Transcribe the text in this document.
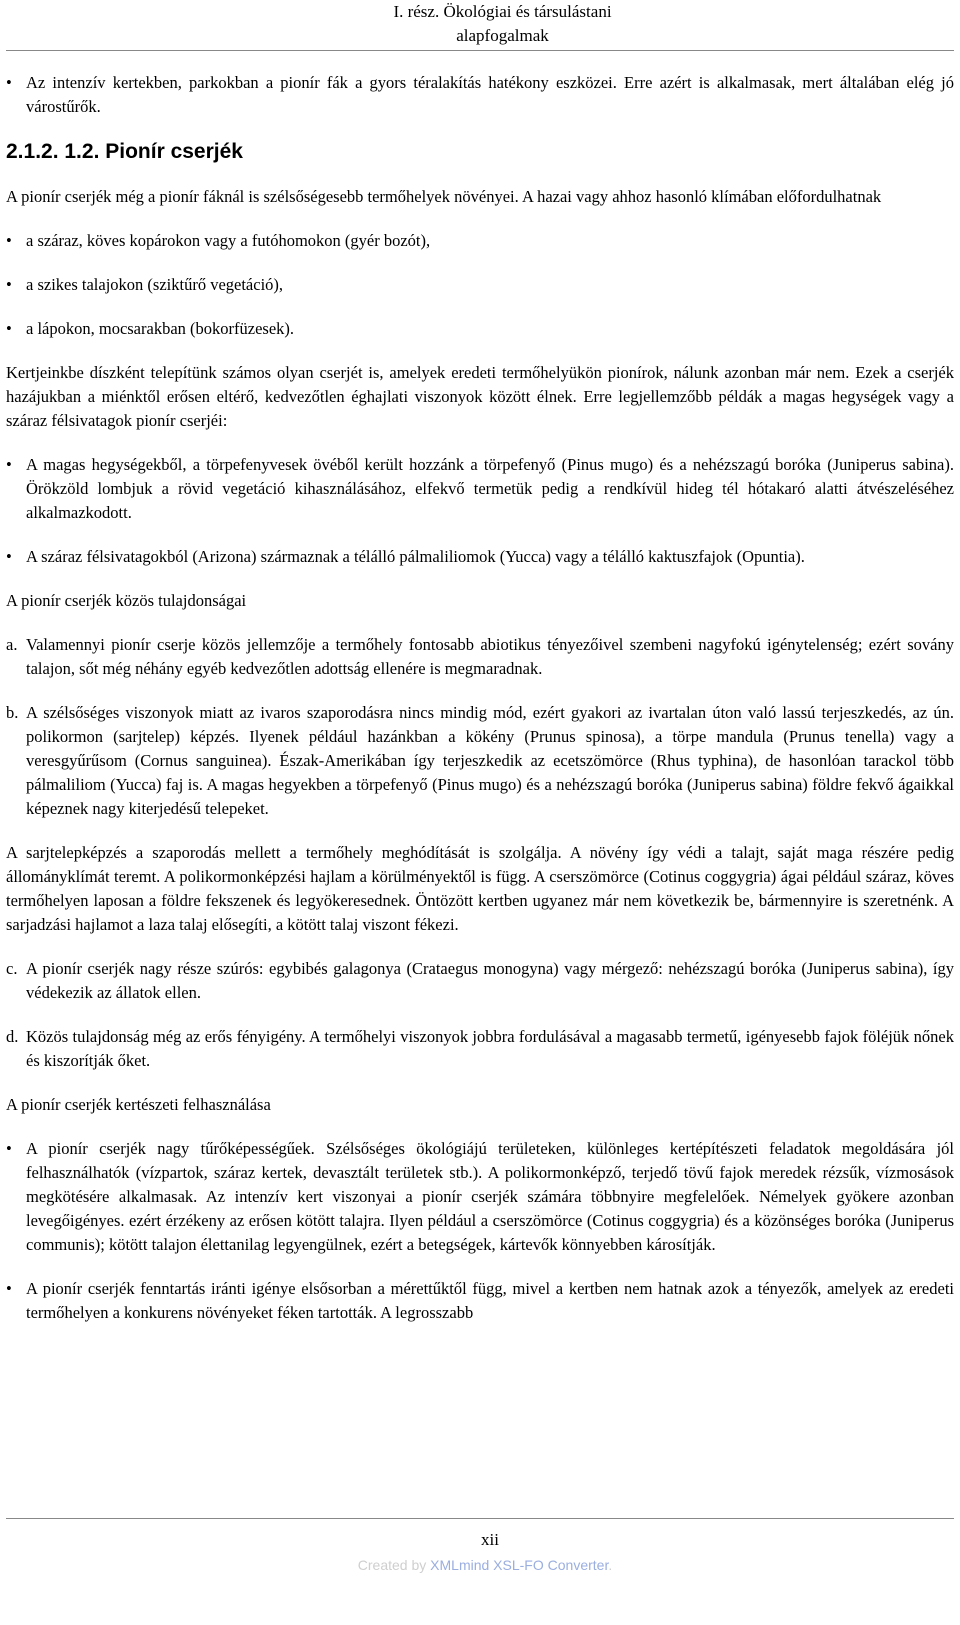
I. rész. Ökológiai és társulástani
alapfogalmak
• Az intenzív kertekben, parkokban a pionír fák a gyors téralakítás hatékony eszközei. Erre azért is alkalmasak, mert általában elég jó várostűrők.
2.1.2. 1.2. Pionír cserjék

A pionír cserjék még a pionír fáknál is szélsőségesebb termőhelyek növényei. A hazai vagy ahhoz hasonló klímában előfordulhatnak

• a száraz, köves kopárokon vagy a futóhomokon (gyér bozót),
• a szikes talajokon (sziktűrő vegetáció),
• a lápokon, mocsarakban (bokorfüzesek).

Kertjeinkbe díszként telepítünk számos olyan cserjét is, amelyek eredeti termőhelyükön pionírok, nálunk azonban már nem. Ezek a cserjék hazájukban a miénktől erősen eltérő, kedvezőtlen éghajlati viszonyok között élnek. Erre legjellemzőbb példák a magas hegységek vagy a száraz félsivatagok pionír cserjéi:

• A magas hegységekből, a törpefenyvesek övéből került hozzánk a törpefenyő (Pinus mugo) és a nehézszagú boróka (Juniperus sabina). Örökzöld lombjuk a rövid vegetáció kihasználásához, elfekvő termetük pedig a rendkívül hideg tél hótakaró alatti átvészeléséhez alkalmazkodott.
• A száraz félsivatagokból (Arizona) származnak a télálló pálmaliliomok (Yucca) vagy a télálló kaktuszfajok (Opuntia).
A pionír cserjék közös tulajdonságai
a. Valamennyi pionír cserje közös jellemzője a termőhely fontosabb abiotikus tényezőivel szembeni nagyfokú igénytelenség; ezért sovány talajon, sőt még néhány egyéb kedvezőtlen adottság ellenére is megmaradnak.
b. A szélsőséges viszonyok miatt az ivaros szaporodásra nincs mindig mód, ezért gyakori az ivartalan úton való lassú terjeszkedés, az ún. polikormon (sarjtelep) képzés. Ilyenek például hazánkban a kökény (Prunus spinosa), a törpe mandula (Prunus tenella) vagy a veresgyűrűsom (Cornus sanguinea). Észak-Amerikában így terjeszkedik az ecetszömörce (Rhus typhina), de hasonlóan tarackol több pálmaliliom (Yucca) faj is. A magas hegyekben a törpefenyő (Pinus mugo) és a nehézszagú boróka (Juniperus sabina) földre fekvő ágaikkal képeznek nagy kiterjedésű telepeket.

A sarjtelepképzés a szaporodás mellett a termőhely meghódítását is szolgálja. A növény így védi a talajt, saját maga részére pedig állományklímát teremt. A polikormonképzési hajlam a körülményektől is függ. A cserszömörce (Cotinus coggygria) ágai például száraz, köves termőhelyen laposan a földre fekszenek és legyökeresednek. Öntözött kertben ugyanez már nem következik be, bármennyire is szeretnénk. A sarjadzási hajlamot a laza talaj elősegíti, a kötött talaj viszont fékezi.

c. A pionír cserjék nagy része szúrós: egybibés galagonya (Crataegus monogyna) vagy mérgező: nehézszagú boróka (Juniperus sabina), így védekezik az állatok ellen.
d. Közös tulajdonság még az erős fényigény. A termőhelyi viszonyok jobbra fordulásával a magasabb termetű, igényesebb fajok föléjük nőnek és kiszorítják őket.
A pionír cserjék kertészeti felhasználása
• A pionír cserjék nagy tűrőképességűek. Szélsőséges ökológiájú területeken, különleges kertépítészeti feladatok megoldására jól felhasználhatók (vízpartok, száraz kertek, devasztált területek stb.). A polikormonképző, terjedő tövű fajok meredek rézsűk, vízmosások megkötésére alkalmasak. Az intenzív kert viszonyai a pionír cserjék számára többnyire megfelelőek. Némelyek gyökere azonban levegőigényes. ezért érzékeny az erősen kötött talajra. Ilyen például a cserszömörce (Cotinus coggygria) és a közönséges boróka (Juniperus communis); kötött talajon élettanilag legyengülnek, ezért a betegségek, kártevők könnyebben károsítják.
• A pionír cserjék fenntartás iránti igénye elsősorban a mérettűktől függ, mivel a kertben nem hatnak azok a tényezők, amelyek az eredeti termőhelyen a konkurens növényeket féken tartották. A legrosszabb
xii
Created by XMLmind XSL-FO Converter.
